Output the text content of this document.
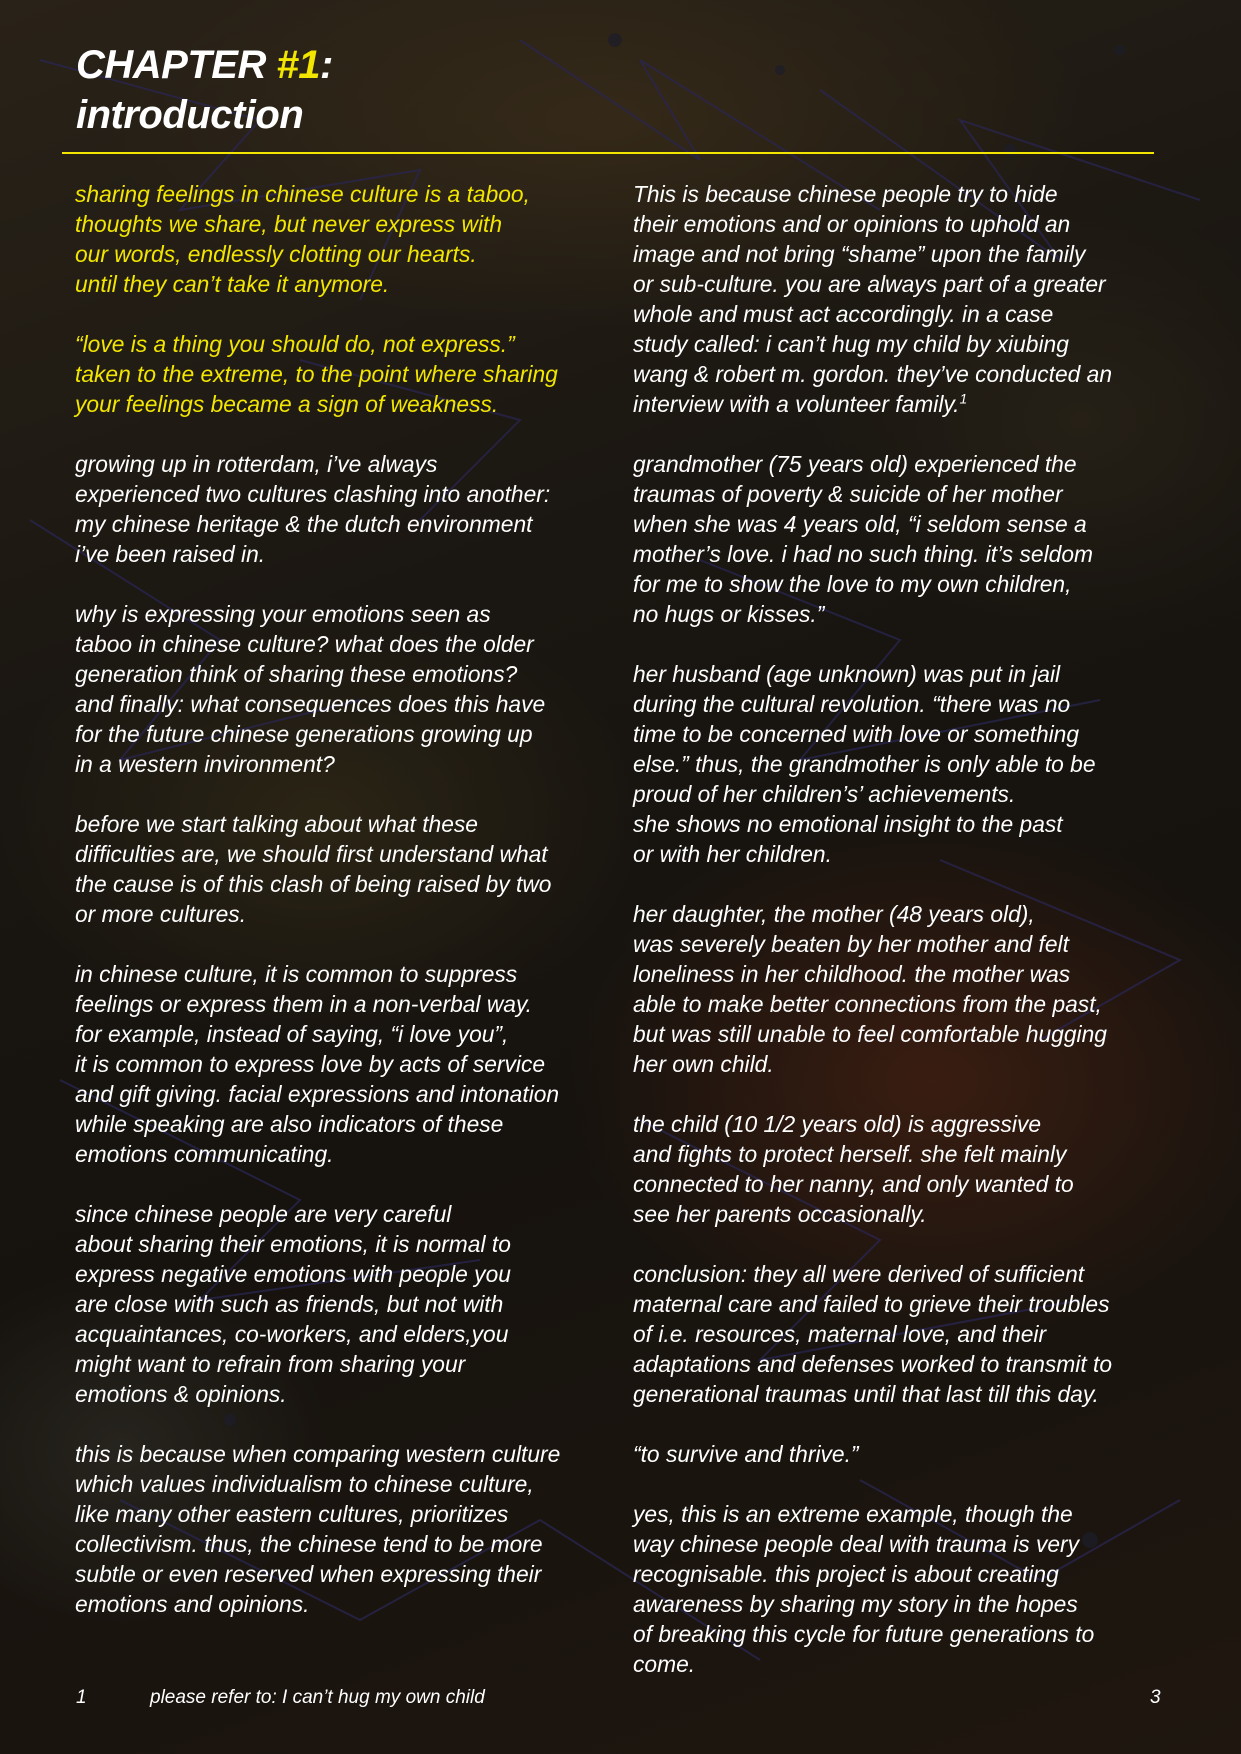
CHAPTER #1:
introduction

sharing feelings in chinese culture is a taboo,
thoughts we share, but never express with
our words, endlessly clotting our hearts.
until they can’t take it anymore.

“love is a thing you should do, not express.”
taken to the extreme, to the point where sharing
your feelings became a sign of weakness.

growing up in rotterdam, i’ve always
experienced two cultures clashing into another:
my chinese heritage & the dutch environment
i’ve been raised in.

why is expressing your emotions seen as
taboo in chinese culture? what does the older
generation think of sharing these emotions?
and finally: what consequences does this have
for the future chinese generations growing up
in a western invironment?

before we start talking about what these
difficulties are, we should first understand what
the cause is of this clash of being raised by two
or more cultures.

in chinese culture, it is common to suppress
feelings or express them in a non-verbal way.
for example, instead of saying, “i love you”,
it is common to express love by acts of service
and gift giving. facial expressions and intonation
while speaking are also indicators of these
emotions communicating.

since chinese people are very careful
about sharing their emotions, it is normal to
express negative emotions with people you
are close with such as friends, but not with
acquaintances, co-workers, and elders,you
might want to refrain from sharing your
emotions & opinions.

this is because when comparing western culture
which values individualism to chinese culture,
like many other eastern cultures, prioritizes
collectivism. thus, the chinese tend to be more
subtle or even reserved when expressing their
emotions and opinions.

This is because chinese people try to hide
their emotions and or opinions to uphold an
image and not bring “shame” upon the family
or sub-culture. you are always part of a greater
whole and must act accordingly. in a case
study called: i can’t hug my child by xiubing
wang & robert m. gordon. they’ve conducted an
interview with a volunteer family.$^1$

grandmother (75 years old) experienced the
traumas of poverty & suicide of her mother
when she was 4 years old, “i seldom sense a
mother’s love. i had no such thing. it’s seldom
for me to show the love to my own children,
no hugs or kisses.”

her husband (age unknown) was put in jail
during the cultural revolution. “there was no
time to be concerned with love or something
else.” thus, the grandmother is only able to be
proud of her children’s’ achievements.
she shows no emotional insight to the past
or with her children.

her daughter, the mother (48 years old),
was severely beaten by her mother and felt
loneliness in her childhood. the mother was
able to make better connections from the past,
but was still unable to feel comfortable hugging
her own child.

the child (10 1/2 years old) is aggressive
and fights to protect herself. she felt mainly
connected to her nanny, and only wanted to
see her parents occasionally.

conclusion: they all were derived of sufficient
maternal care and failed to grieve their troubles
of i.e. resources, maternal love, and their
adaptations and defenses worked to transmit to
generational traumas until that last till this day.

“to survive and thrive.”

yes, this is an extreme example, though the
way chinese people deal with trauma is very
recognisable. this project is about creating
awareness by sharing my story in the hopes
of breaking this cycle for future generations to
come.

1	please refer to: I can’t hug my own child	3
